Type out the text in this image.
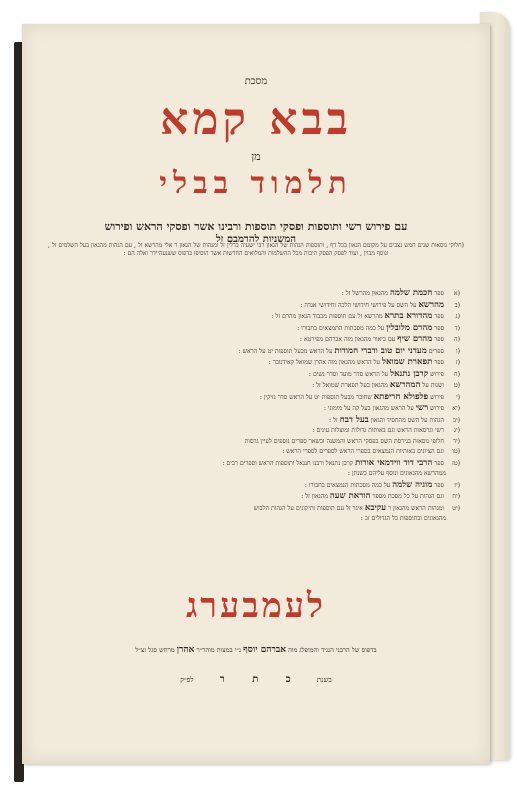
מסכת
בבא קמא
מן
תלמוד בבלי
עם פירוש רשי ותוספות ופסקי תוספות ורבינו אשר ופסקי הראש ופירוש
המשניות להרמבם זל
(חלוקי נוסאות שנים חמש נצבים על מקומם הגאון בכל דף , ותוספות הגהות של הגאון רבי ישעיה ברלין זל ומגהות של הגאון ר אלי מהרשא זל , עם הגהות מהגאון בעל השלמים זל , ונוסף מבוין , ועוד לפסק הפסק תיבות מכל ההשלמות והמלואים החדשות אשר הוסיפו בדפוס ששנעהיידר ואלה הם :
(א ספר חכמת שלמה מהגאון מהרשל זל :
(ב מהרשא על השס על פירושי חידושי הלכה וחידושי אגדה :
(ג ספר מהדורא בתרא מהרשא זל עם תוספות מכבוד הגאון מהרם זל :
(ד ספר מהרם מלובלין על כמה מסכתות התמצאים בחבורו :
(ה ספר מהרם שיף עם ביאור מהגאון מוה אברהם מפירטא :
(ו ספרים מעדני יום טוב ודברי חמודות על הראש מבעל תוספות יט על הראש :
(ז ספר תפארת שמואל על הראש מהגאון מוה אהרן שמואל קאידנובר :
(ח פירוש קרבן נתנאל על הראש סדר מועד וסדר נשים :
(ט ושנות על המהרשא מהגאון בעל תפארת שמואל זל :
(י פירוש פלפולא חריפתא שחובר מבעל תוספות יט על הראש סדר נזיקין :
(יא פירוש רשי על הראש מהגאון בעל קה על מימוני :
(יב הגהות על השס מהחסיד והגאון בעל דבח זל :
(יג רשי וגרסאות הראש וגם באותות גדולות ומוצלות עינים :
(יד חלופי נוסאות בגירסת השס בפסקי הראש והמשנה ובשאר ספרים נוספים לעיין גרסות
(טו וגם הציונים באותיות הנמצאים בספרי הראש לספרים לספרי הראש :
(טז ספר הרבי דוד ווידמאי אורות קרבן נתנאל ורבנו חננאל ותוספות הראש וספרים רבים :
ממהרשא מהגאונים ונוסף עליהם בשנתן :
(יז ספר מוגיה שלמה על כמה מסכתות הנמצאים בחבורו :
(יח וגם הגהות על כל מסכת מספר הוראת שעה מהגאון זל :
(יט ומגהות הראש מהגאון ר עקיבא איגר זל עם תוספות ותיקונים על הגהות הלבוש
מהגאונים ובתוספות כל הגדולים זכ :
לעמבערג
בדפוס של הרבני הנגיד והמופלג מוה אברהם יוסף נ״י במצות מוהר״ר אהרן מרחש סגל זצ״ל
בשנת כ ת ר לפ״ק
